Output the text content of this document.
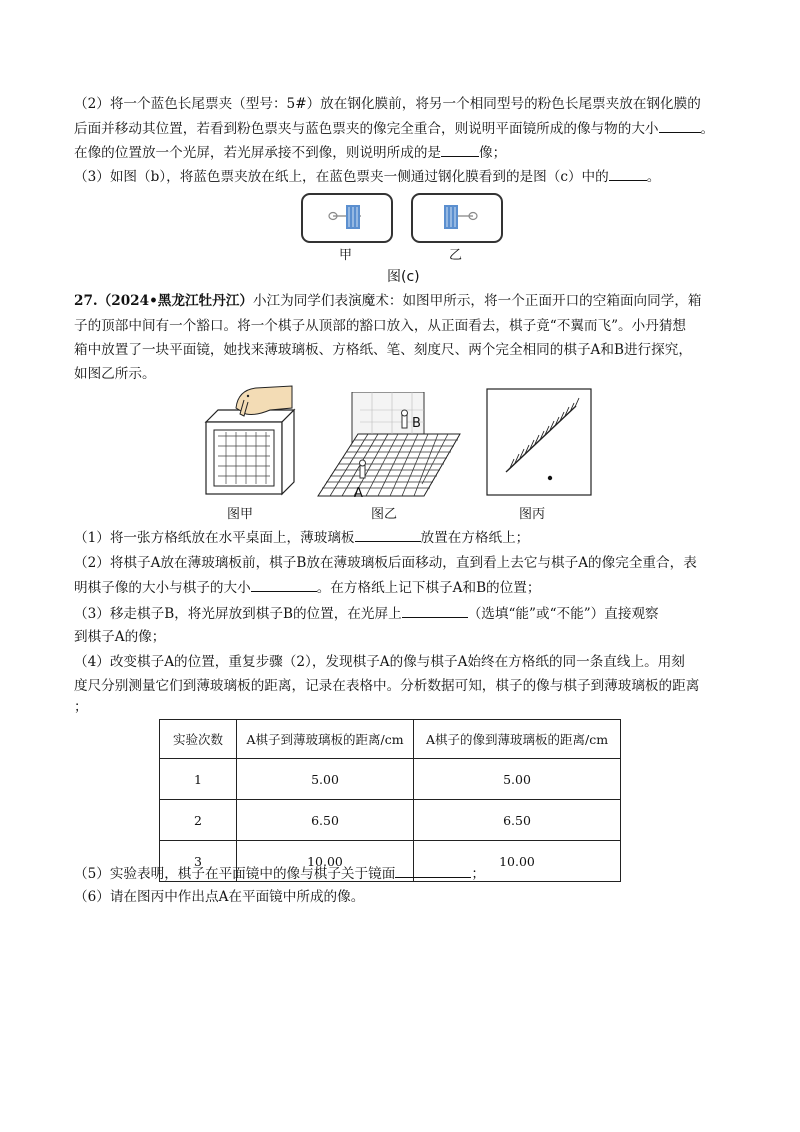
（2）将一个蓝色长尾票夹（型号：5#）放在钢化膜前，将另一个相同型号的粉色长尾票夹放在钢化膜的
后面并移动其位置，若看到粉色票夹与蓝色票夹的像完全重合，则说明平面镜所成的像与物的大小	。
在像的位置放一个光屏，若光屏承接不到像，则说明所成的是	像；
（3）如图（b），将蓝色票夹放在纸上，在蓝色票夹一侧通过钢化膜看到的是图（c）中的	。
甲	乙
图(c)
27.（2024•黑龙江牡丹江）小江为同学们表演魔术：如图甲所示，将一个正面开口的空箱面向同学，箱
子的顶部中间有一个豁口。将一个棋子从顶部的豁口放入，从正面看去，棋子竟“不翼而飞”。小丹猜想
箱中放置了一块平面镜，她找来薄玻璃板、方格纸、笔、刻度尺、两个完全相同的棋子A和B进行探究，
如图乙所示。
图甲
B
A
图乙	图丙
（1）将一张方格纸放在水平桌面上，薄玻璃板	放置在方格纸上；
（2）将棋子A放在薄玻璃板前，棋子B放在薄玻璃板后面移动，直到看上去它与棋子A的像完全重合，表
明棋子像的大小与棋子的大小	。在方格纸上记下棋子A和B的位置；
（3）移走棋子B，将光屏放到棋子B的位置，在光屏上	（选填“能”或“不能”）直接观察
到棋子A的像；
（4）改变棋子A的位置，重复步骤（2），发现棋子A的像与棋子A始终在方格纸的同一条直线上。用刻
度尺分别测量它们到薄玻璃板的距离，记录在表格中。分析数据可知，棋子的像与棋子到薄玻璃板的距离
；
实验次数	A棋子到薄玻璃板的距离/cm	A棋子的像到薄玻璃板的距离/cm
1	5.00	5.00
2	6.50	6.50
3	10.00	10.00
（5）实验表明，棋子在平面镜中的像与棋子关于镜面	；
（6）请在图丙中作出点A在平面镜中所成的像。
